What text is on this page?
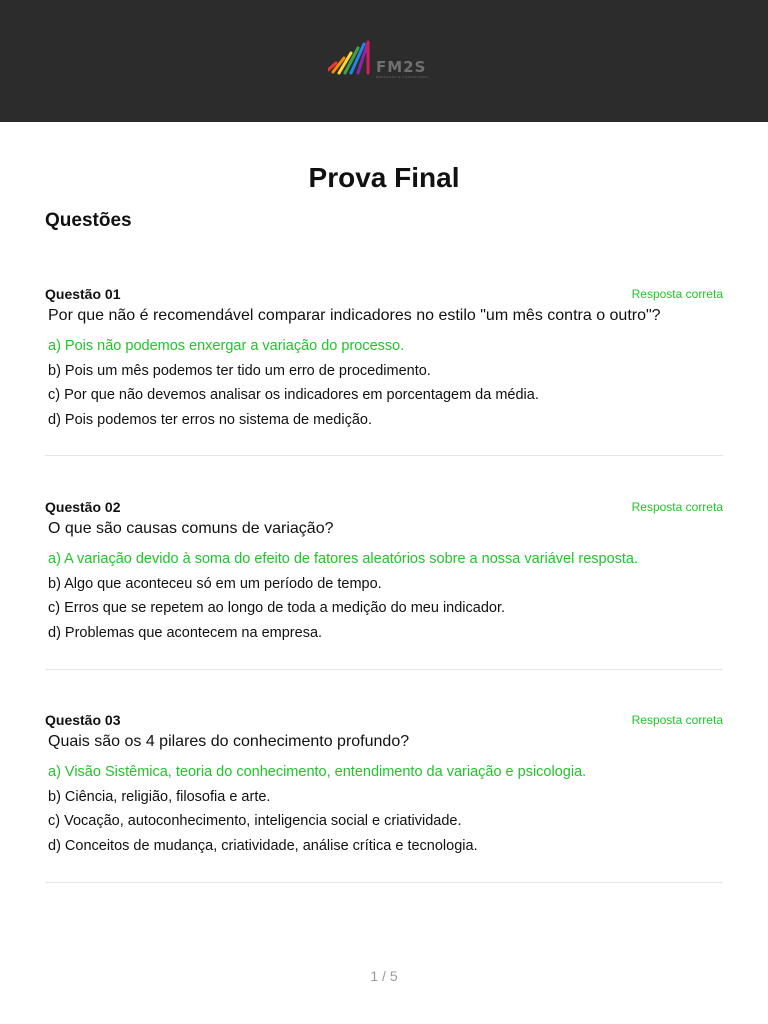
FM2S
EDUCAÇÃO E CONSULTORIA
Prova Final
Questões
Questão 01	Resposta correta
Por que não é recomendável comparar indicadores no estilo "um mês contra o outro"?
a) Pois não podemos enxergar a variação do processo.
b) Pois um mês podemos ter tido um erro de procedimento.
c) Por que não devemos analisar os indicadores em porcentagem da média.
d) Pois podemos ter erros no sistema de medição.
Questão 02	Resposta correta
O que são causas comuns de variação?
a) A variação devido à soma do efeito de fatores aleatórios sobre a nossa variável resposta.
b) Algo que aconteceu só em um período de tempo.
c) Erros que se repetem ao longo de toda a medição do meu indicador.
d) Problemas que acontecem na empresa.
Questão 03	Resposta correta
Quais são os 4 pilares do conhecimento profundo?
a) Visão Sistêmica, teoria do conhecimento, entendimento da variação e psicologia.
b) Ciência, religião, filosofia e arte.
c) Vocação, autoconhecimento, inteligencia social e criatividade.
d) Conceitos de mudança, criatividade, análise crítica e tecnologia.
1 / 5
